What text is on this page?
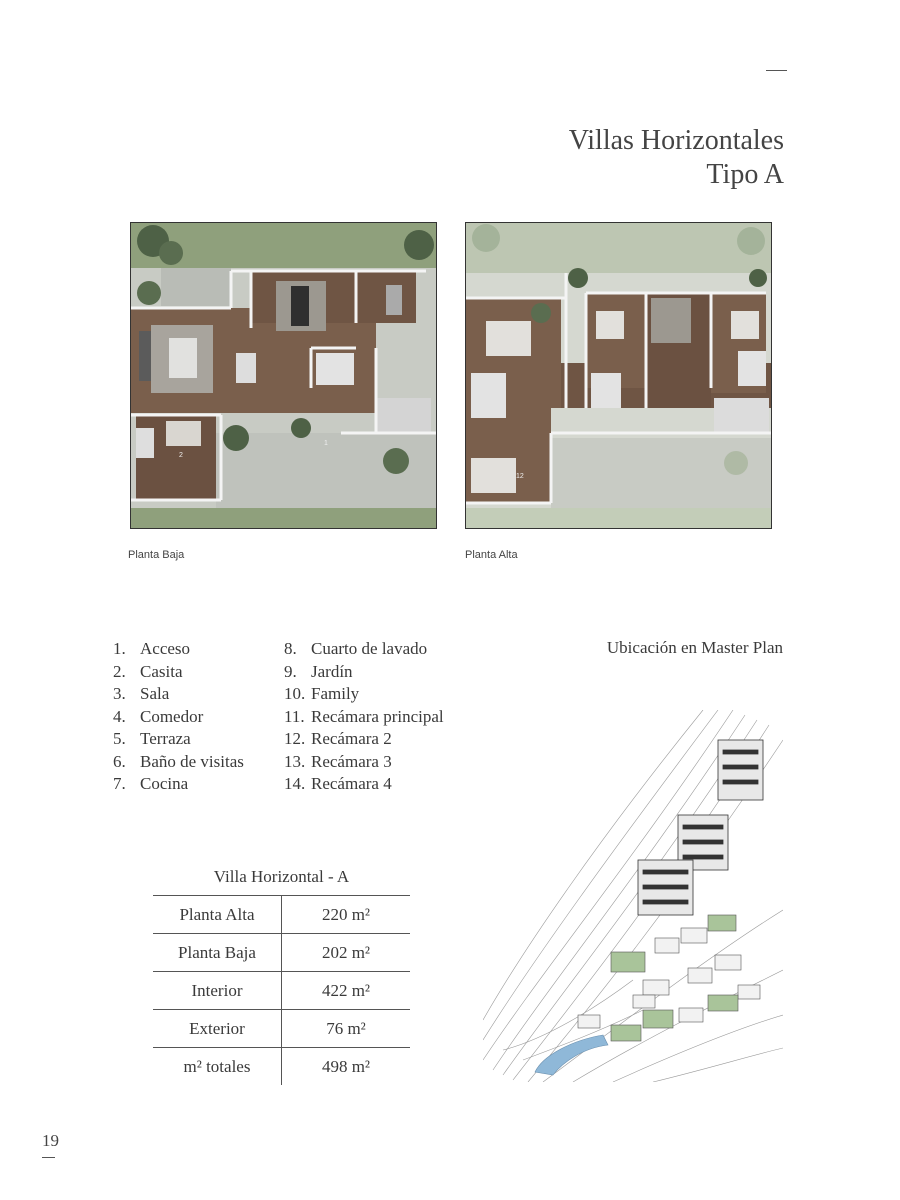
Villas Horizontales
Tipo A
1
2
Planta Baja
12
Planta Alta
1. Acceso
2. Casita
3. Sala
4. Comedor
5. Terraza
6. Baño de visitas
7. Cocina
8. Cuarto de lavado
9. Jardín
10. Family
11. Recámara principal
12. Recámara 2
13. Recámara 3
14. Recámara 4
Ubicación en Master Plan
Villa Horizontal - A
Planta Alta	220 m²
Planta Baja	202 m²
Interior	422 m²
Exterior	76 m²
m² totales	498 m²
19
